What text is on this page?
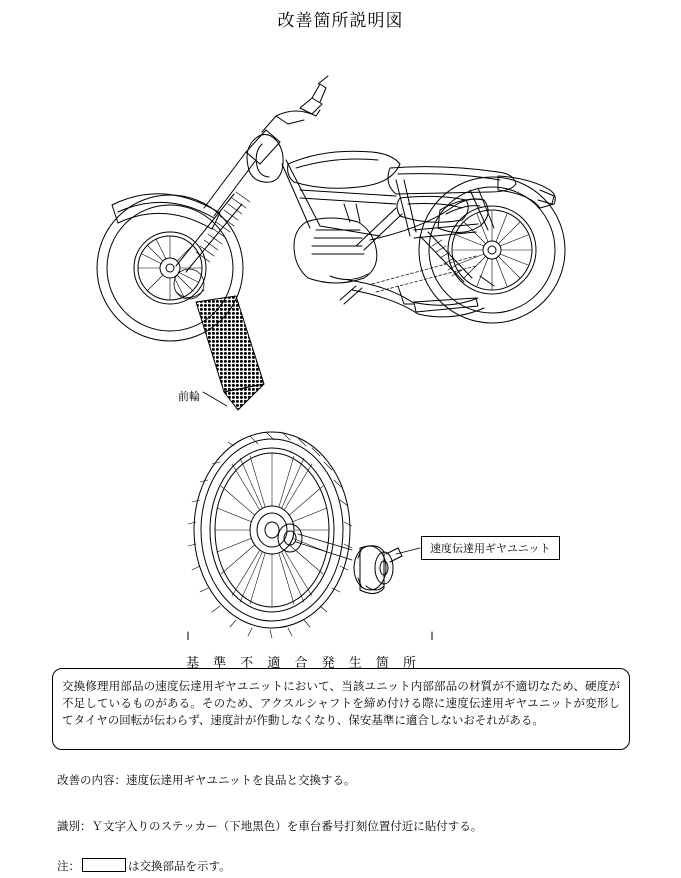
改善箇所説明図
前輪
速度伝達用ギヤユニット
基 準 不 適 合 発 生 箇 所
交換修理用部品の速度伝達用ギヤユニットにおいて、当該ユニット内部部品の材質が不適切なため、硬度が不足しているものがある。そのため、アクスルシャフトを締め付ける際に速度伝達用ギヤユニットが変形してタイヤの回転が伝わらず、速度計が作動しなくなり、保安基準に適合しないおそれがある。
改善の内容：速度伝達用ギヤユニットを良品と交換する。
識別：Ｙ文字入りのステッカー（下地黒色）を車台番号打刻位置付近に貼付する。
注：	は交換部品を示す。
